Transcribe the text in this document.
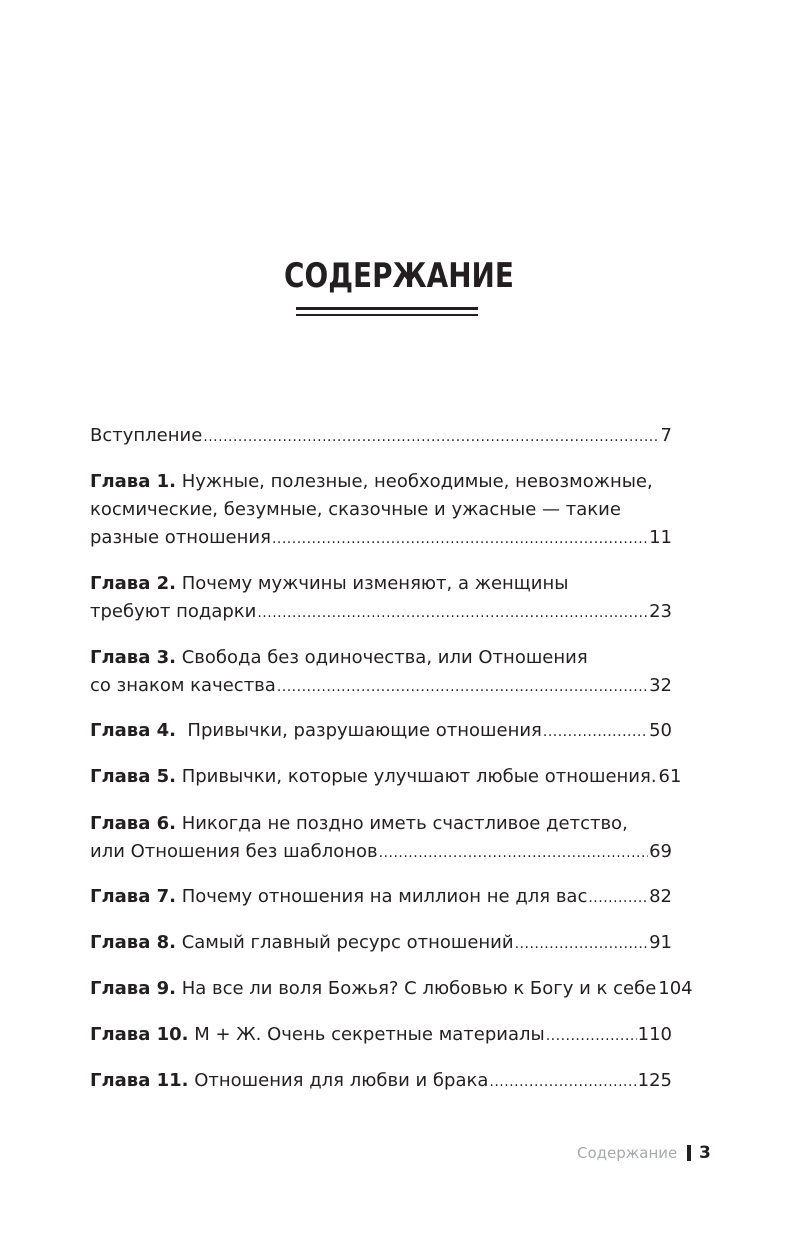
СОДЕРЖАНИЕ
Вступление .....	7
Глава 1. Нужные, полезные, необходимые, невозможные,
космические, безумные, сказочные и ужасные — такие
разные отношения .....	11
Глава 2. Почему мужчины изменяют, а женщины
требуют подарки .....	23
Глава 3. Свобода без одиночества, или Отношения
со знаком качества .....	32
Глава 4.  Привычки, разрушающие отношения .....	50
Глава 5. Привычки, которые улучшают любые отношения. 61
Глава 6. Никогда не поздно иметь счастливое детство,
или Отношения без шаблонов .....	69
Глава 7. Почему отношения на миллион не для вас .....	82
Глава 8. Самый главный ресурс отношений .....	91
Глава 9. На все ли воля Божья? С любовью к Богу и к себе 104
Глава 10. М + Ж. Очень секретные материалы .....	110
Глава 11. Отношения для любви и брака .....	125
Содержание 3
